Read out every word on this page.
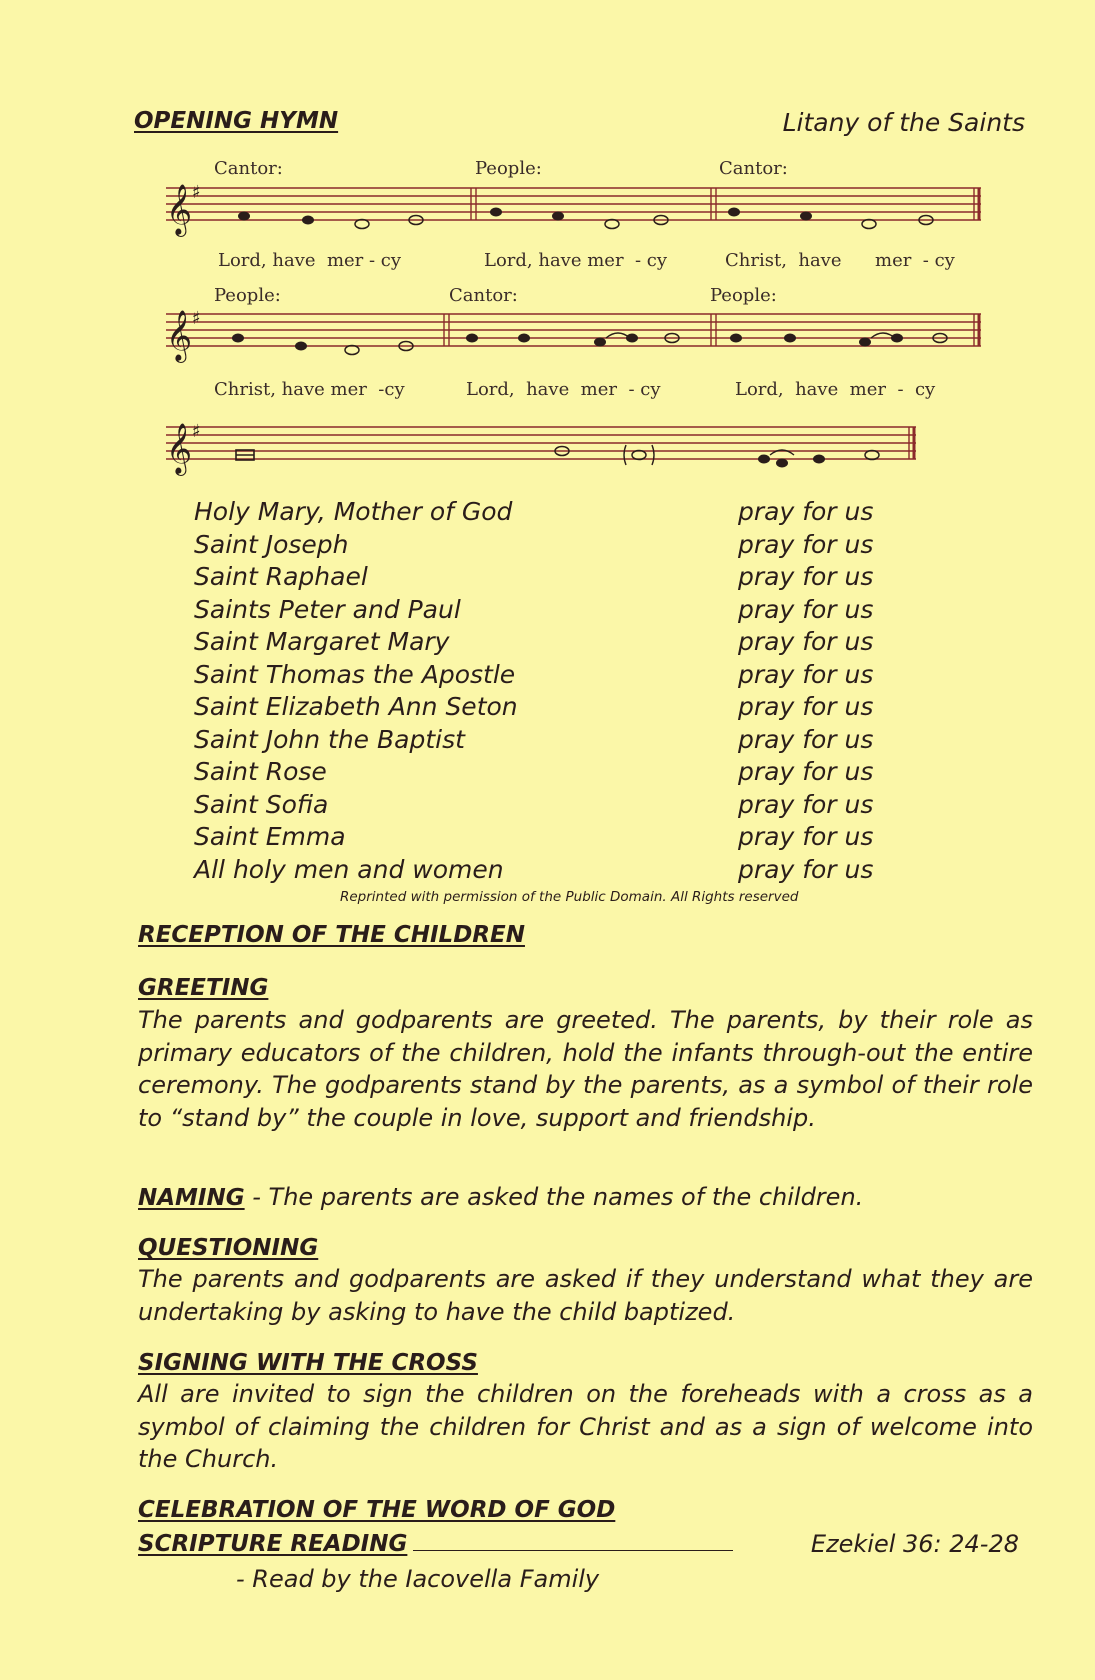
OPENING HYMN	Litany of the Saints
Cantor:	People:	Cantor:
𝄞 ♯
Lord, have  mer - cy	Lord, have mer  - cy	Christ,  have mer  - cy
People:	Cantor:	People:
𝄞 ♯
Christ, have mer  -cy	Lord,  have  mer  - cy	Lord,  have  mer  -  cy
𝄞 ♯
Holy Mary, Mother of God	pray for us
Saint Joseph	pray for us
Saint Raphael	pray for us
Saints Peter and Paul	pray for us
Saint Margaret Mary	pray for us
Saint Thomas the Apostle	pray for us
Saint Elizabeth Ann Seton	pray for us
Saint John the Baptist	pray for us
Saint Rose	pray for us
Saint Sofia	pray for us
Saint Emma	pray for us
All holy men and women	pray for us
Reprinted with permission of the Public Domain. All Rights reserved
RECEPTION OF THE CHILDREN
GREETING
The parents and godparents are greeted. The parents, by their role as primary educators of the children, hold the infants through-out the entire ceremony. The godparents stand by the parents, as a symbol of their role to “stand by” the couple in love, support and friendship.
NAMING - The parents are asked the names of the children.
QUESTIONING
The parents and godparents are asked if they understand what they are undertaking by asking to have the child baptized.
SIGNING WITH THE CROSS
All are invited to sign the children on the foreheads with a cross as a symbol of claiming the children for Christ and as a sign of welcome into the Church.
CELEBRATION OF THE WORD OF GOD
SCRIPTURE READING	Ezekiel 36: 24-28
- Read by the Iacovella Family
